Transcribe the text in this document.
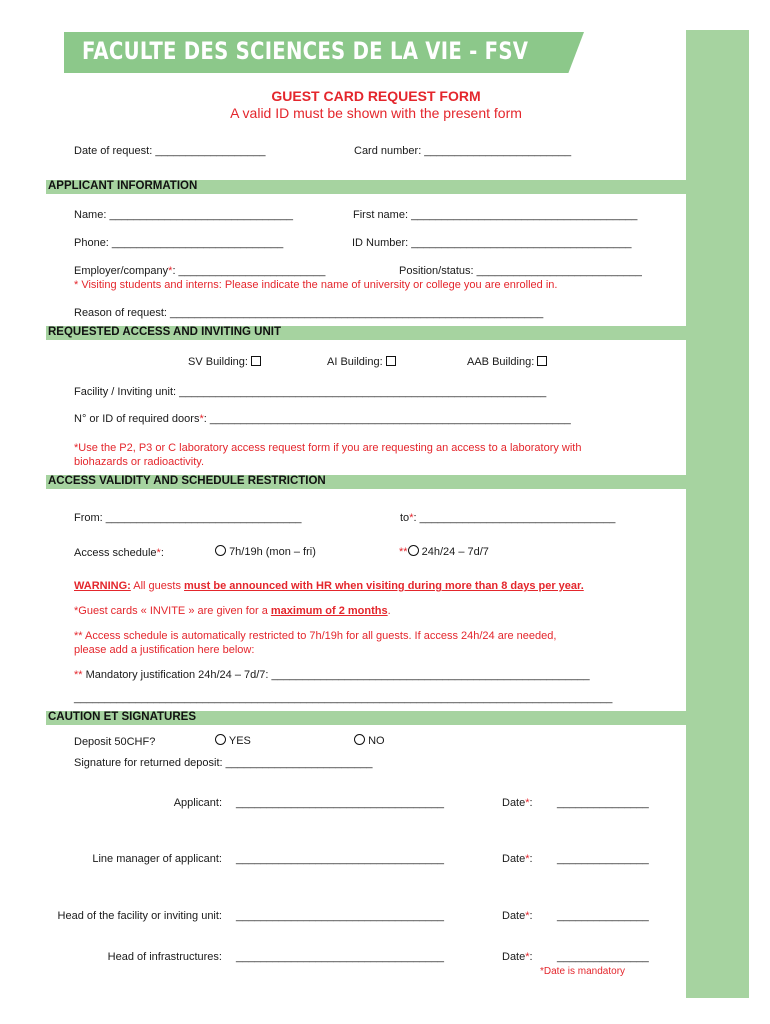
FACULTE DES SCIENCES DE LA VIE - FSV
GUEST CARD REQUEST FORM
A valid ID must be shown with the present form
Date of request: __________________	Card number: ________________________
APPLICANT INFORMATION
Name: ______________________________	First name: _____________________________________
Phone: ____________________________	ID Number: ____________________________________
Employer/company*: ________________________	Position/status: ___________________________
* Visiting students and interns: Please indicate the name of university or college you are enrolled in.
Reason of request: _____________________________________________________________
REQUESTED ACCESS AND INVITING UNIT
SV Building:	AI Building:	AAB Building:
Facility / Inviting unit: ____________________________________________________________
N° or ID of required doors*: ___________________________________________________________
*Use the P2, P3 or C laboratory access request form if you are requesting an access to a laboratory with
biohazards or radioactivity.
ACCESS VALIDITY AND SCHEDULE RESTRICTION
From: ________________________________	to*: ________________________________
Access schedule*:	7h/19h (mon – fri)	** 24h/24 – 7d/7
WARNING: All guests must be announced with HR when visiting during more than 8 days per year.
*Guest cards « INVITE » are given for a maximum of 2 months.
** Access schedule is automatically restricted to 7h/19h for all guests. If access 24h/24 are needed,
please add a justification here below:
** Mandatory justification 24h/24 – 7d/7: ____________________________________________________
________________________________________________________________________________________
CAUTION ET SIGNATURES
Deposit 50CHF?	YES	NO
Signature for returned deposit: ________________________
Applicant: __________________________________	Date*: _______________
Line manager of applicant: __________________________________	Date*: _______________
Head of the facility or inviting unit: __________________________________	Date*: _______________
Head of infrastructures: __________________________________	Date*: _______________
*Date is mandatory
